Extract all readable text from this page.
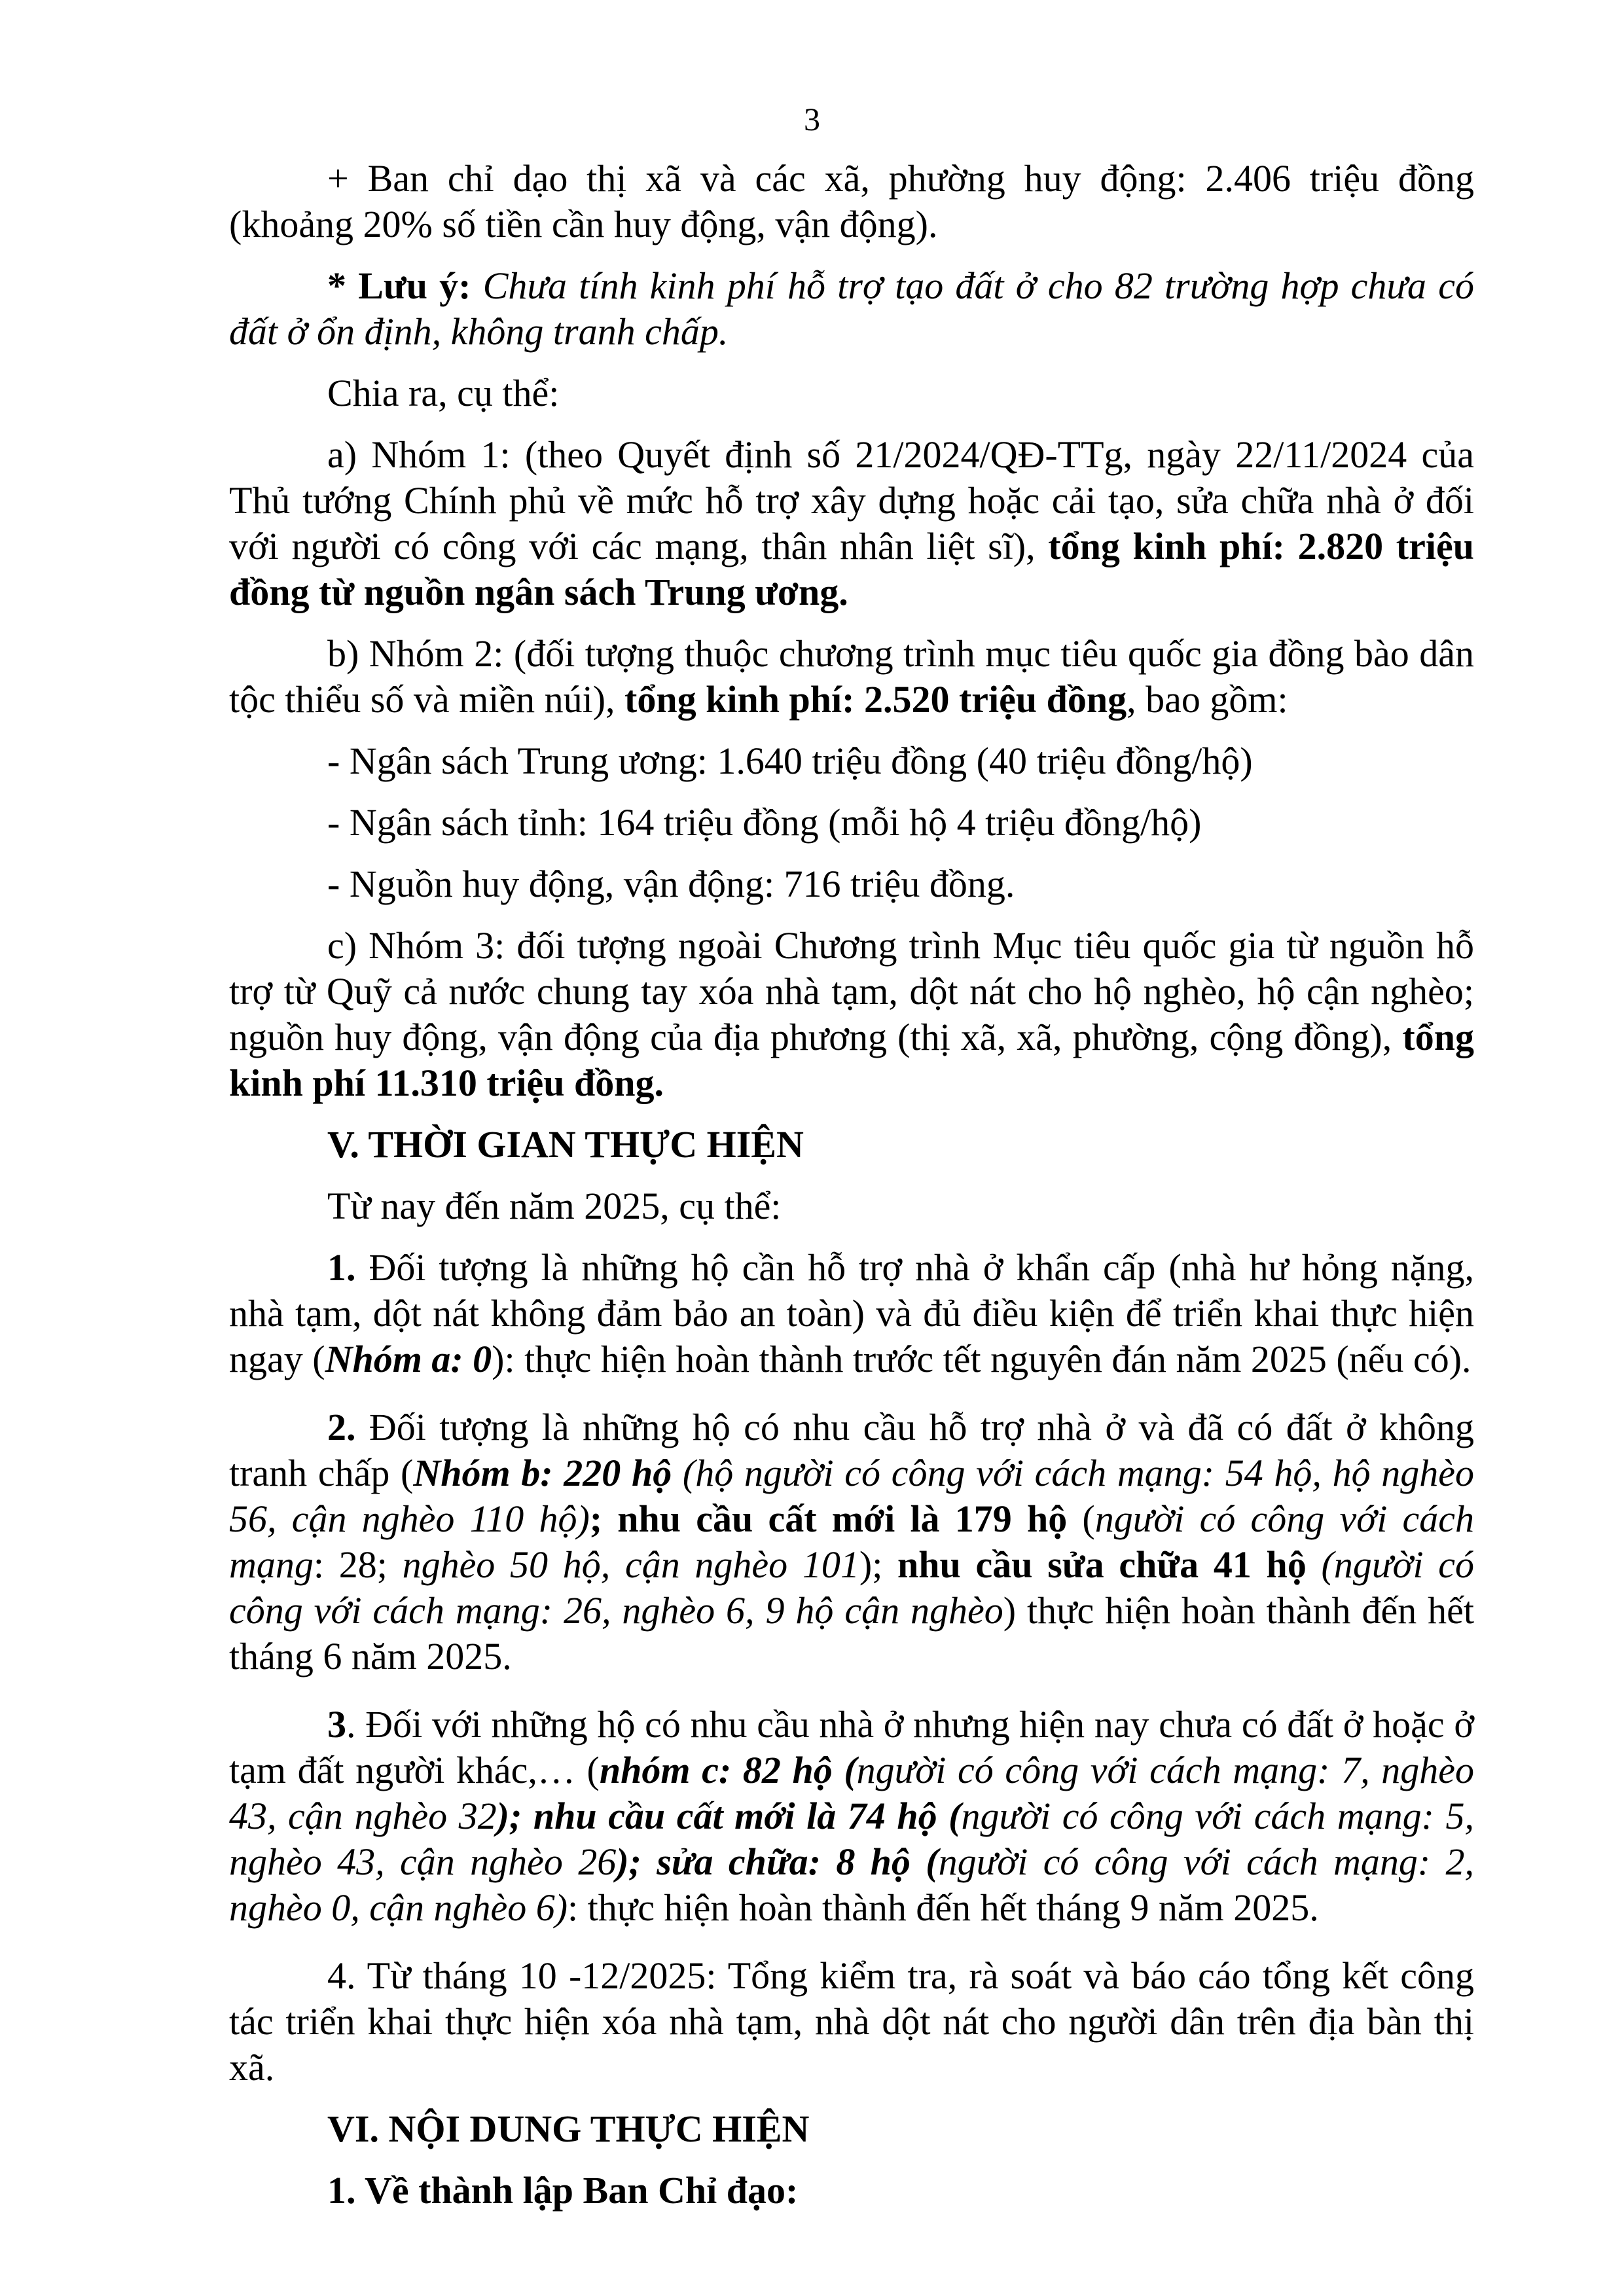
3

+ Ban chỉ dạo thị xã và các xã, phường huy động: 2.406 triệu đồng (khoảng 20% số tiền cần huy động, vận động).

* Lưu ý: Chưa tính kinh phí hỗ trợ tạo đất ở cho 82 trường hợp chưa có đất ở ổn định, không tranh chấp.

Chia ra, cụ thể:

a) Nhóm 1: (theo Quyết định số 21/2024/QĐ-TTg, ngày 22/11/2024 của Thủ tướng Chính phủ về mức hỗ trợ xây dựng hoặc cải tạo, sửa chữa nhà ở đối với người có công với các mạng, thân nhân liệt sĩ), tổng kinh phí: 2.820 triệu đồng từ nguồn ngân sách Trung ương.

b) Nhóm 2: (đối tượng thuộc chương trình mục tiêu quốc gia đồng bào dân tộc thiểu số và miền núi), tổng kinh phí: 2.520 triệu đồng, bao gồm:

- Ngân sách Trung ương: 1.640 triệu đồng (40 triệu đồng/hộ)

- Ngân sách tỉnh: 164 triệu đồng (mỗi hộ 4 triệu đồng/hộ)

- Nguồn huy động, vận động: 716 triệu đồng.

c) Nhóm 3: đối tượng ngoài Chương trình Mục tiêu quốc gia từ nguồn hỗ trợ từ Quỹ cả nước chung tay xóa nhà tạm, dột nát cho hộ nghèo, hộ cận nghèo; nguồn huy động, vận động của địa phương (thị xã, xã, phường, cộng đồng), tổng kinh phí 11.310 triệu đồng.

V. THỜI GIAN THỰC HIỆN

Từ nay đến năm 2025, cụ thể:

1. Đối tượng là những hộ cần hỗ trợ nhà ở khẩn cấp (nhà hư hỏng nặng, nhà tạm, dột nát không đảm bảo an toàn) và đủ điều kiện để triển khai thực hiện ngay (Nhóm a: 0): thực hiện hoàn thành trước tết nguyên đán năm 2025 (nếu có).

2. Đối tượng là những hộ có nhu cầu hỗ trợ nhà ở và đã có đất ở không tranh chấp (Nhóm b: 220 hộ (hộ người có công với cách mạng: 54 hộ, hộ nghèo 56, cận nghèo 110 hộ); nhu cầu cất mới là 179 hộ (người có công với cách mạng: 28; nghèo 50 hộ, cận nghèo 101); nhu cầu sửa chữa 41 hộ (người có công với cách mạng: 26, nghèo 6, 9 hộ cận nghèo) thực hiện hoàn thành đến hết tháng 6 năm 2025.

3. Đối với những hộ có nhu cầu nhà ở nhưng hiện nay chưa có đất ở hoặc ở tạm đất người khác,… (nhóm c: 82 hộ (người có công với cách mạng: 7, nghèo 43, cận nghèo 32); nhu cầu cất mới là 74 hộ (người có công với cách mạng: 5, nghèo 43, cận nghèo 26); sửa chữa: 8 hộ (người có công với cách mạng: 2, nghèo 0, cận nghèo 6): thực hiện hoàn thành đến hết tháng 9 năm 2025.

4. Từ tháng 10 -12/2025: Tổng kiểm tra, rà soát và báo cáo tổng kết công tác triển khai thực hiện xóa nhà tạm, nhà dột nát cho người dân trên địa bàn thị xã.

VI. NỘI DUNG THỰC HIỆN

1. Về thành lập Ban Chỉ đạo:
